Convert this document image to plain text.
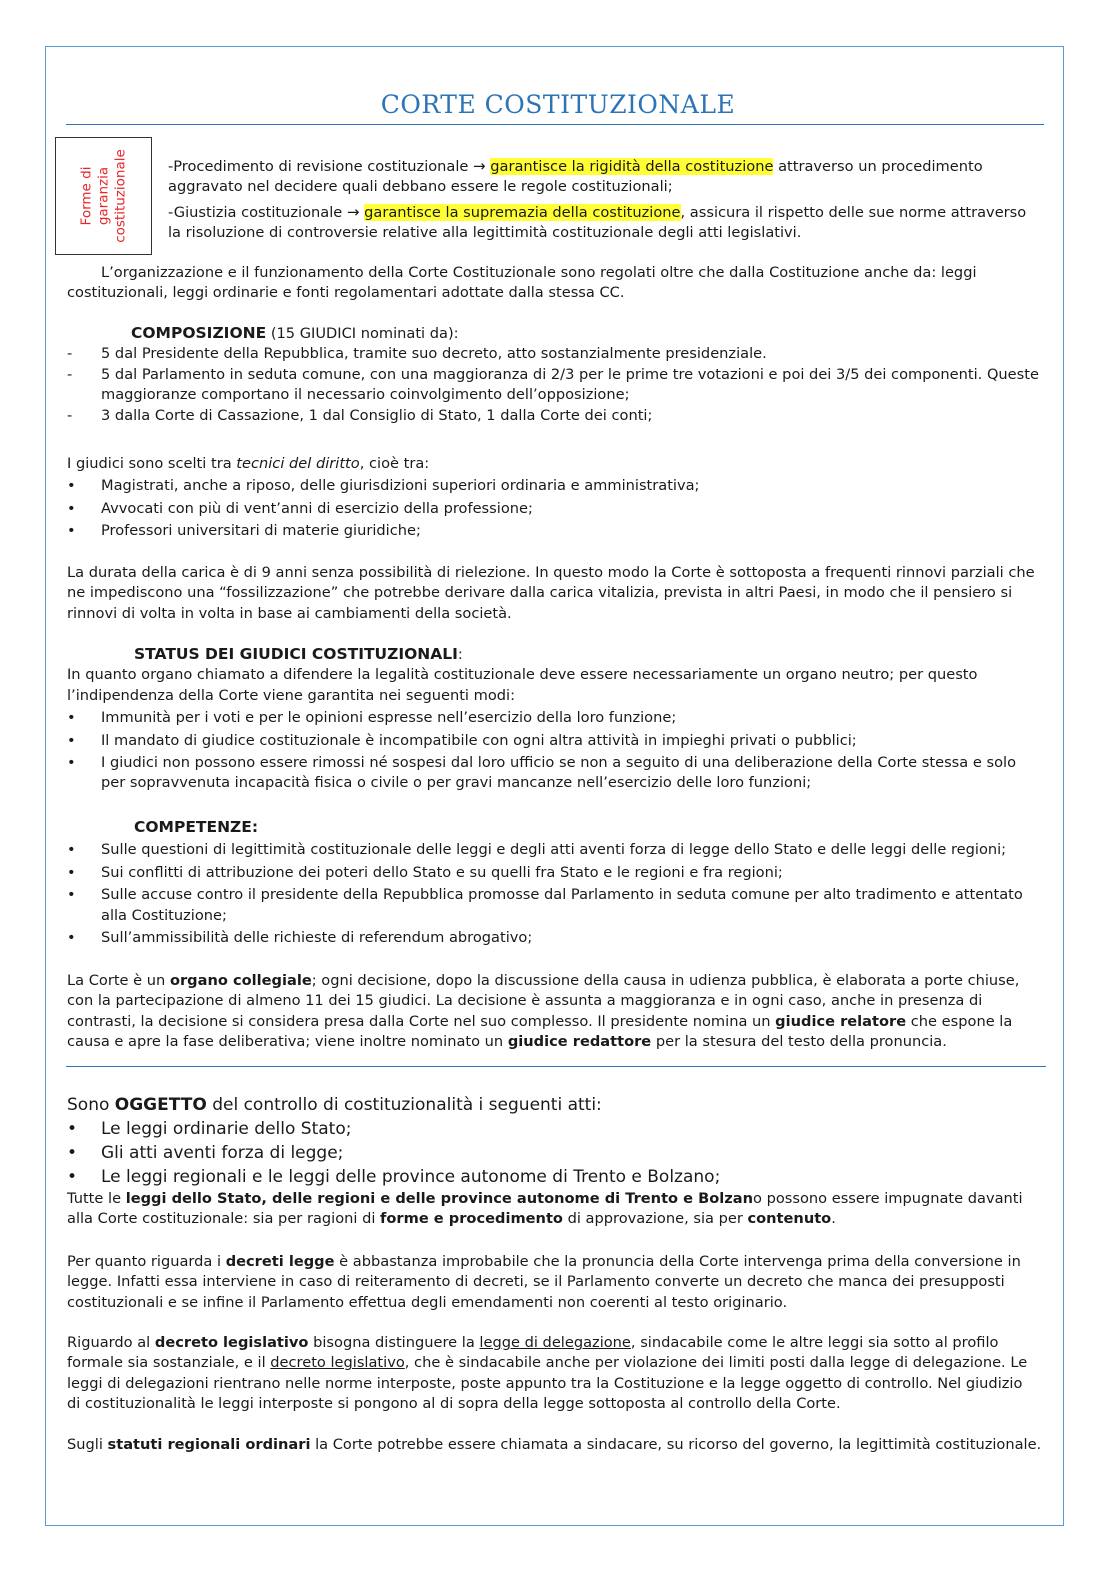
CORTE COSTITUZIONALE
Forme di garanzia costituzionale	-Procedimento di revisione costituzionale → garantisce la rigidità della costituzione attraverso un procedimento aggravato nel decidere quali debbano essere le regole costituzionali;

-Giustizia costituzionale → garantisce la supremazia della costituzione, assicura il rispetto delle sue norme attraverso la risoluzione di controversie relative alla legittimità costituzionale degli atti legislativi.

L’organizzazione e il funzionamento della Corte Costituzionale sono regolati oltre che dalla Costituzione anche da: leggi costituzionali, leggi ordinarie e fonti regolamentari adottate dalla stessa CC.

COMPOSIZIONE (15 GIUDICI nominati da):

- 5 dal Presidente della Repubblica, tramite suo decreto, atto sostanzialmente presidenziale.
- 5 dal Parlamento in seduta comune, con una maggioranza di 2/3 per le prime tre votazioni e poi dei 3/5 dei componenti. Queste maggioranze comportano il necessario coinvolgimento dell’opposizione;
- 3 dalla Corte di Cassazione, 1 dal Consiglio di Stato, 1 dalla Corte dei conti;

I giudici sono scelti tra tecnici del diritto, cioè tra:

• Magistrati, anche a riposo, delle giurisdizioni superiori ordinaria e amministrativa;
• Avvocati con più di vent’anni di esercizio della professione;
• Professori universitari di materie giuridiche;
La durata della carica è di 9 anni senza possibilità di rielezione. In questo modo la Corte è sottoposta a frequenti rinnovi parziali che ne impediscono una “fossilizzazione” che potrebbe derivare dalla carica vitalizia, prevista in altri Paesi, in modo che il pensiero si rinnovi di volta in volta in base ai cambiamenti della società.

STATUS DEI GIUDICI COSTITUZIONALI:

In quanto organo chiamato a difendere la legalità costituzionale deve essere necessariamente un organo neutro; per questo l’indipendenza della Corte viene garantita nei seguenti modi:

• Immunità per i voti e per le opinioni espresse nell’esercizio della loro funzione;
• Il mandato di giudice costituzionale è incompatibile con ogni altra attività in impieghi privati o pubblici;
• I giudici non possono essere rimossi né sospesi dal loro ufficio se non a seguito di una deliberazione della Corte stessa e solo per sopravvenuta incapacità fisica o civile o per gravi mancanze nell’esercizio delle loro funzioni;

COMPETENZE:

• Sulle questioni di legittimità costituzionale delle leggi e degli atti aventi forza di legge dello Stato e delle leggi delle regioni;
• Sui conflitti di attribuzione dei poteri dello Stato e su quelli fra Stato e le regioni e fra regioni;
• Sulle accuse contro il presidente della Repubblica promosse dal Parlamento in seduta comune per alto tradimento e attentato alla Costituzione;
• Sull’ammissibilità delle richieste di referendum abrogativo;
La Corte è un organo collegiale; ogni decisione, dopo la discussione della causa in udienza pubblica, è elaborata a porte chiuse, con la partecipazione di almeno 11 dei 15 giudici. La decisione è assunta a maggioranza e in ogni caso, anche in presenza di contrasti, la decisione si considera presa dalla Corte nel suo complesso. Il presidente nomina un giudice relatore che espone la causa e apre la fase deliberativa; viene inoltre nominato un giudice redattore per la stesura del testo della pronuncia.

Sono OGGETTO del controllo di costituzionalità i seguenti atti:

• Le leggi ordinarie dello Stato;
• Gli atti aventi forza di legge;
• Le leggi regionali e le leggi delle province autonome di Trento e Bolzano;

Tutte le leggi dello Stato, delle regioni e delle province autonome di Trento e Bolzano possono essere impugnate davanti alla Corte costituzionale: sia per ragioni di forme e procedimento di approvazione, sia per contenuto.

Per quanto riguarda i decreti legge è abbastanza improbabile che la pronuncia della Corte intervenga prima della conversione in legge. Infatti essa interviene in caso di reiteramento di decreti, se il Parlamento converte un decreto che manca dei presupposti costituzionali e se infine il Parlamento effettua degli emendamenti non coerenti al testo originario.
Riguardo al decreto legislativo bisogna distinguere la legge di delegazione, sindacabile come le altre leggi sia sotto al profilo formale sia sostanziale, e il decreto legislativo, che è sindacabile anche per violazione dei limiti posti dalla legge di delegazione. Le leggi di delegazioni rientrano nelle norme interposte, poste appunto tra la Costituzione e la legge oggetto di controllo. Nel giudizio di costituzionalità le leggi interposte si pongono al di sopra della legge sottoposta al controllo della Corte.
Sugli statuti regionali ordinari la Corte potrebbe essere chiamata a sindacare, su ricorso del governo, la legittimità costituzionale.
